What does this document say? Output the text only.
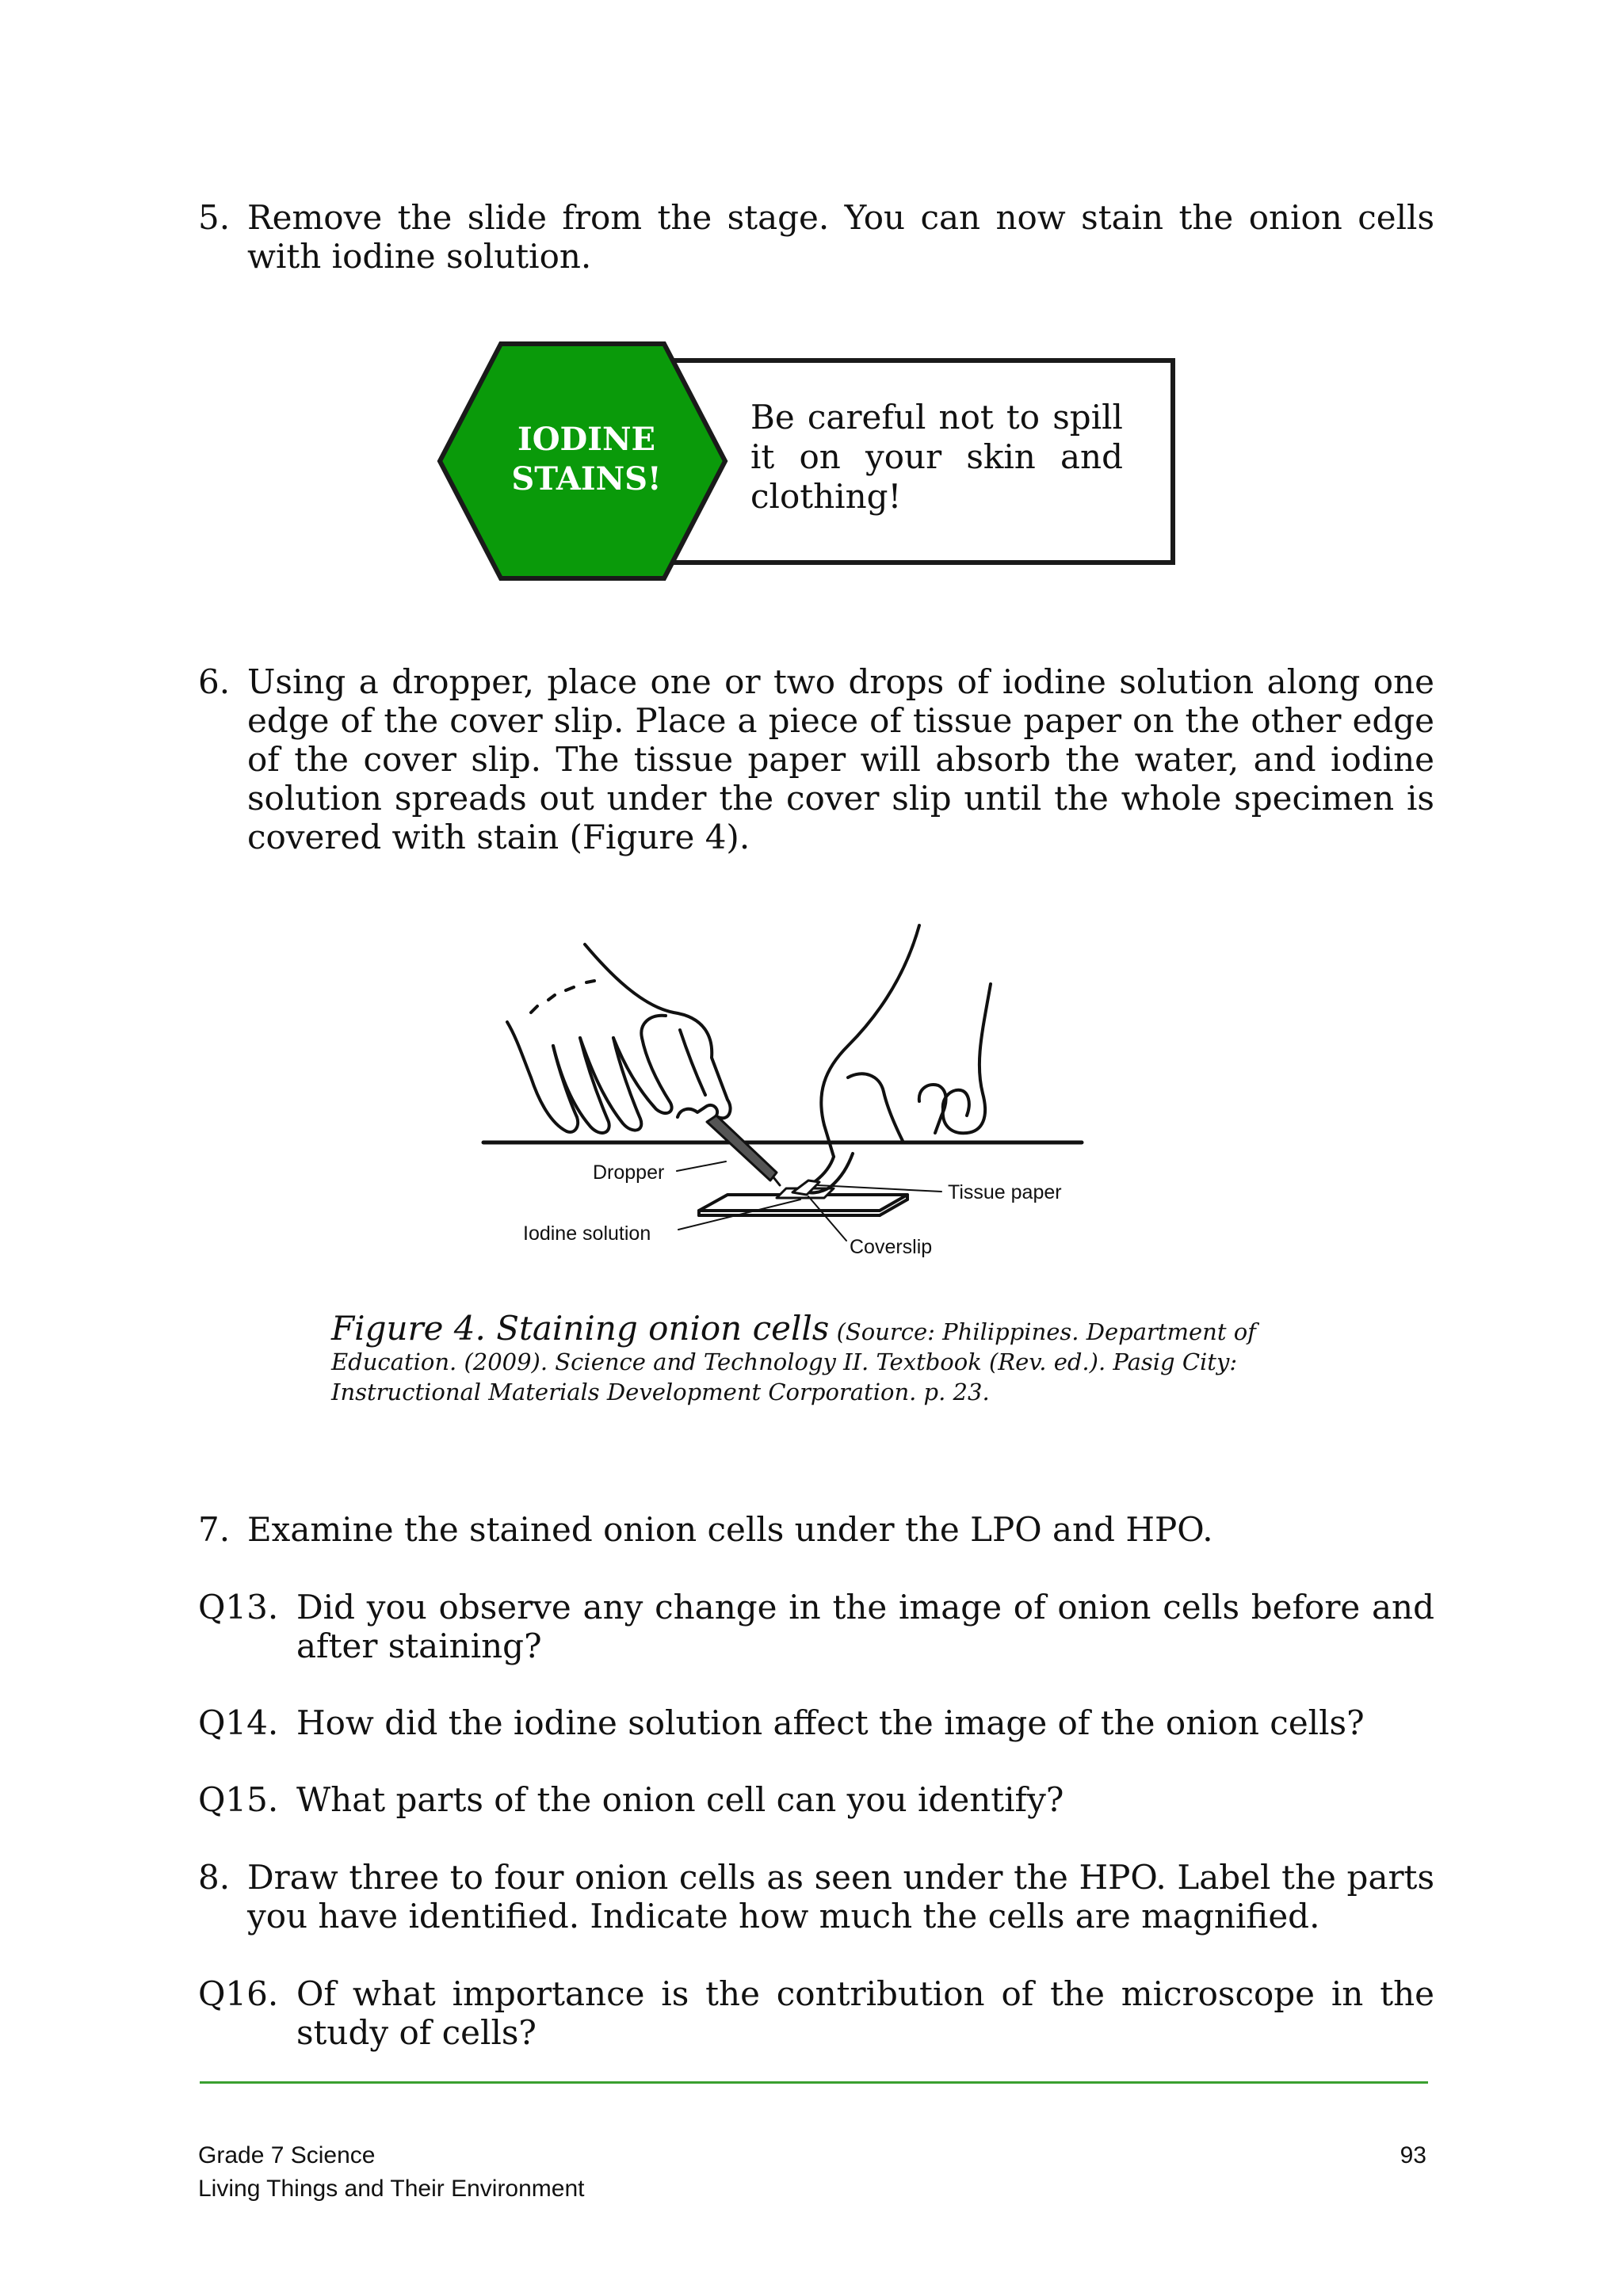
5. Remove the slide from the stage. You can now stain the onion cells with iodine solution.
IODINE
STAINS!
Be careful not to spill it on your skin and clothing!
6. Using a dropper, place one or two drops of iodine solution along one edge of the cover slip. Place a piece of tissue paper on the other edge of the cover slip. The tissue paper will absorb the water, and iodine solution spreads out under the cover slip until the whole specimen is covered with stain (Figure 4).
Dropper
Tissue paper
Iodine solution
Coverslip
Figure 4. Staining onion cells (Source: Philippines. Department of Education. (2009). Science and Technology II. Textbook (Rev. ed.). Pasig City: Instructional Materials Development Corporation. p. 23.
7. Examine the stained onion cells under the LPO and HPO.
Q13. Did you observe any change in the image of onion cells before and after staining?
Q14. How did the iodine solution affect the image of the onion cells?
Q15. What parts of the onion cell can you identify?
8. Draw three to four onion cells as seen under the HPO. Label the parts you have identified. Indicate how much the cells are magnified.
Q16. Of what importance is the contribution of the microscope in the study of cells?
Grade 7 Science
Living Things and Their Environment
93
